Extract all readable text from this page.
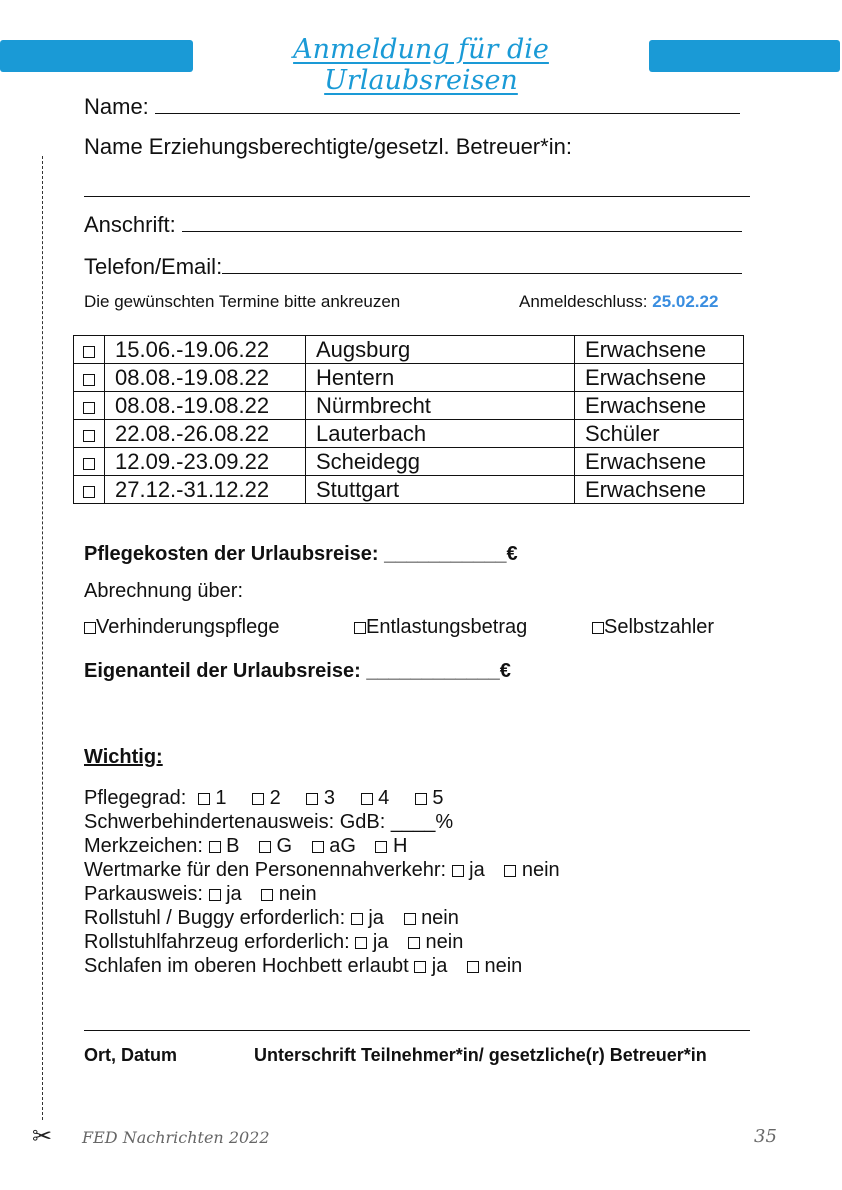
Anmeldung für die Urlaubsreisen
✂
Name:
Name Erziehungsberechtigte/gesetzl. Betreuer*in:
Anschrift:
Telefon/Email:
Die gewünschten Termine bitte ankreuzen	Anmeldeschluss: 25.02.22
	15.06.-19.06.22	Augsburg	Erwachsene
	08.08.-19.08.22	Hentern	Erwachsene
	08.08.-19.08.22	Nürmbrecht	Erwachsene
	22.08.-26.08.22	Lauterbach	Schüler
	12.09.-23.09.22	Scheidegg	Erwachsene
	27.12.-31.12.22	Stuttgart	Erwachsene
Pflegekosten der Urlaubsreise: ___________€
Abrechnung über:
Verhinderungspflege	Entlastungsbetrag	Selbstzahler
Eigenanteil der Urlaubsreise: ____________€
Wichtig:
Pflegegrad: 1 2 3 4 5
Schwerbehindertenausweis: GdB: ____%
Merkzeichen: B G aG H
Wertmarke für den Personennahverkehr: ja nein
Parkausweis: ja nein
Rollstuhl / Buggy erforderlich: ja nein
Rollstuhlfahrzeug erforderlich: ja nein
Schlafen im oberen Hochbett erlaubt ja nein
Ort, Datum	Unterschrift Teilnehmer*in/ gesetzliche(r) Betreuer*in
FED Nachrichten 2022	35
